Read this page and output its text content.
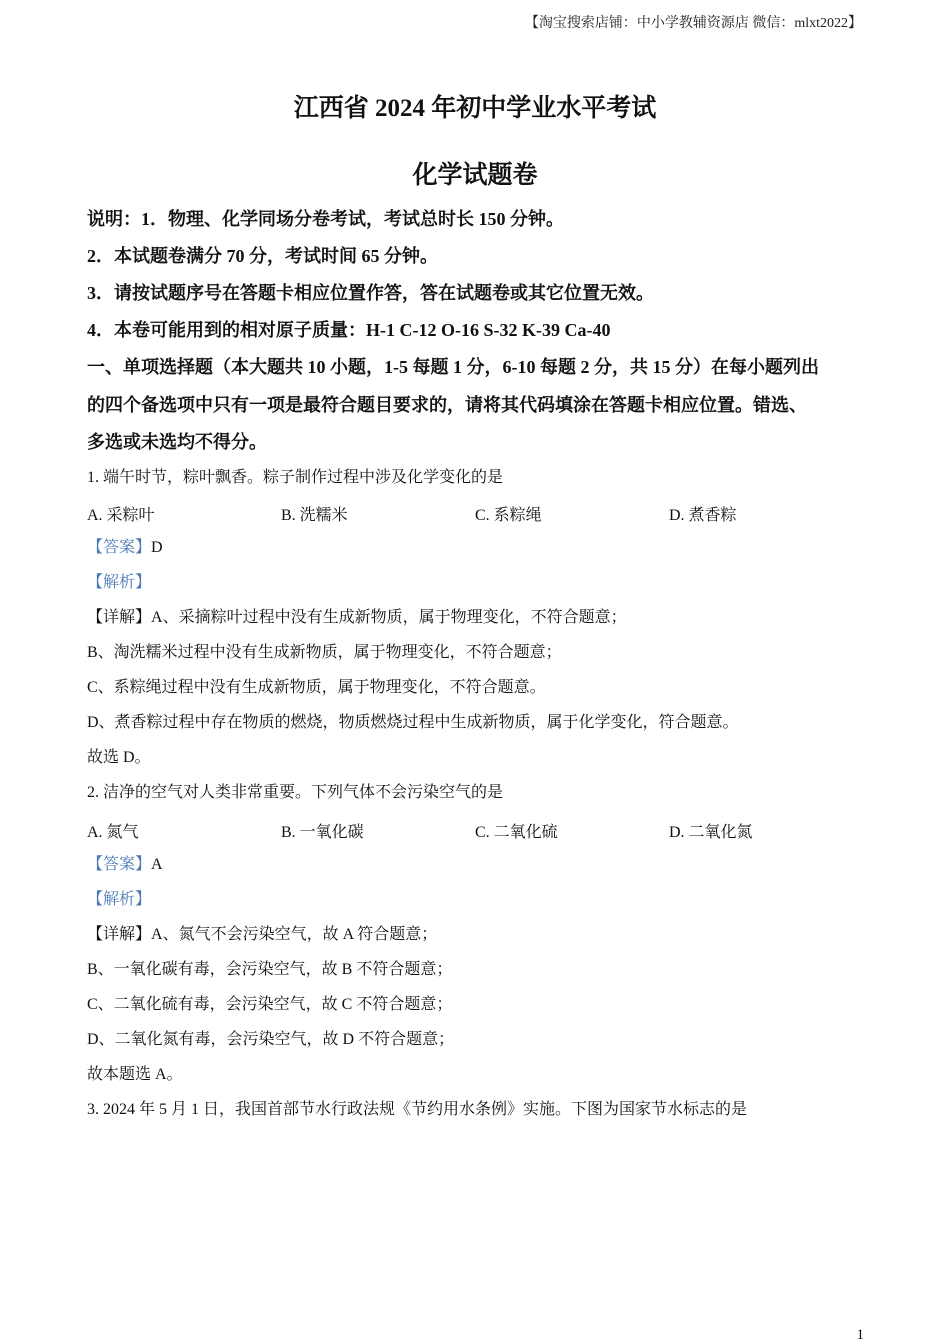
【淘宝搜索店铺：中小学教辅资源店 微信：mlxt2022】
江西省 2024 年初中学业水平考试
化学试题卷
说明：1．物理、化学同场分卷考试，考试总时长 150 分钟。
2．本试题卷满分 70 分，考试时间 65 分钟。
3．请按试题序号在答题卡相应位置作答，答在试题卷或其它位置无效。
4．本卷可能用到的相对原子质量：H-1 C-12 O-16 S-32 K-39 Ca-40
一、单项选择题（本大题共 10 小题，1-5 每题 1 分，6-10 每题 2 分，共 15 分）在每小题列出
的四个备选项中只有一项是最符合题目要求的，请将其代码填涂在答题卡相应位置。错选、
多选或未选均不得分。
1. 端午时节，粽叶飘香。粽子制作过程中涉及化学变化的是
A. 采粽叶	B. 洗糯米	C. 系粽绳	D. 煮香粽
【答案】D
【解析】
【详解】A、采摘粽叶过程中没有生成新物质，属于物理变化，不符合题意；
B、淘洗糯米过程中没有生成新物质，属于物理变化，不符合题意；
C、系粽绳过程中没有生成新物质，属于物理变化，不符合题意。
D、煮香粽过程中存在物质的燃烧，物质燃烧过程中生成新物质，属于化学变化，符合题意。
故选 D。
2. 洁净的空气对人类非常重要。下列气体不会污染空气的是
A. 氮气	B. 一氧化碳	C. 二氧化硫	D. 二氧化氮
【答案】A
【解析】
【详解】A、氮气不会污染空气，故 A 符合题意；
B、一氧化碳有毒，会污染空气，故 B 不符合题意；
C、二氧化硫有毒，会污染空气，故 C 不符合题意；
D、二氧化氮有毒，会污染空气，故 D 不符合题意；
故本题选 A。
3. 2024 年 5 月 1 日，我国首部节水行政法规《节约用水条例》实施。下图为国家节水标志的是
1
